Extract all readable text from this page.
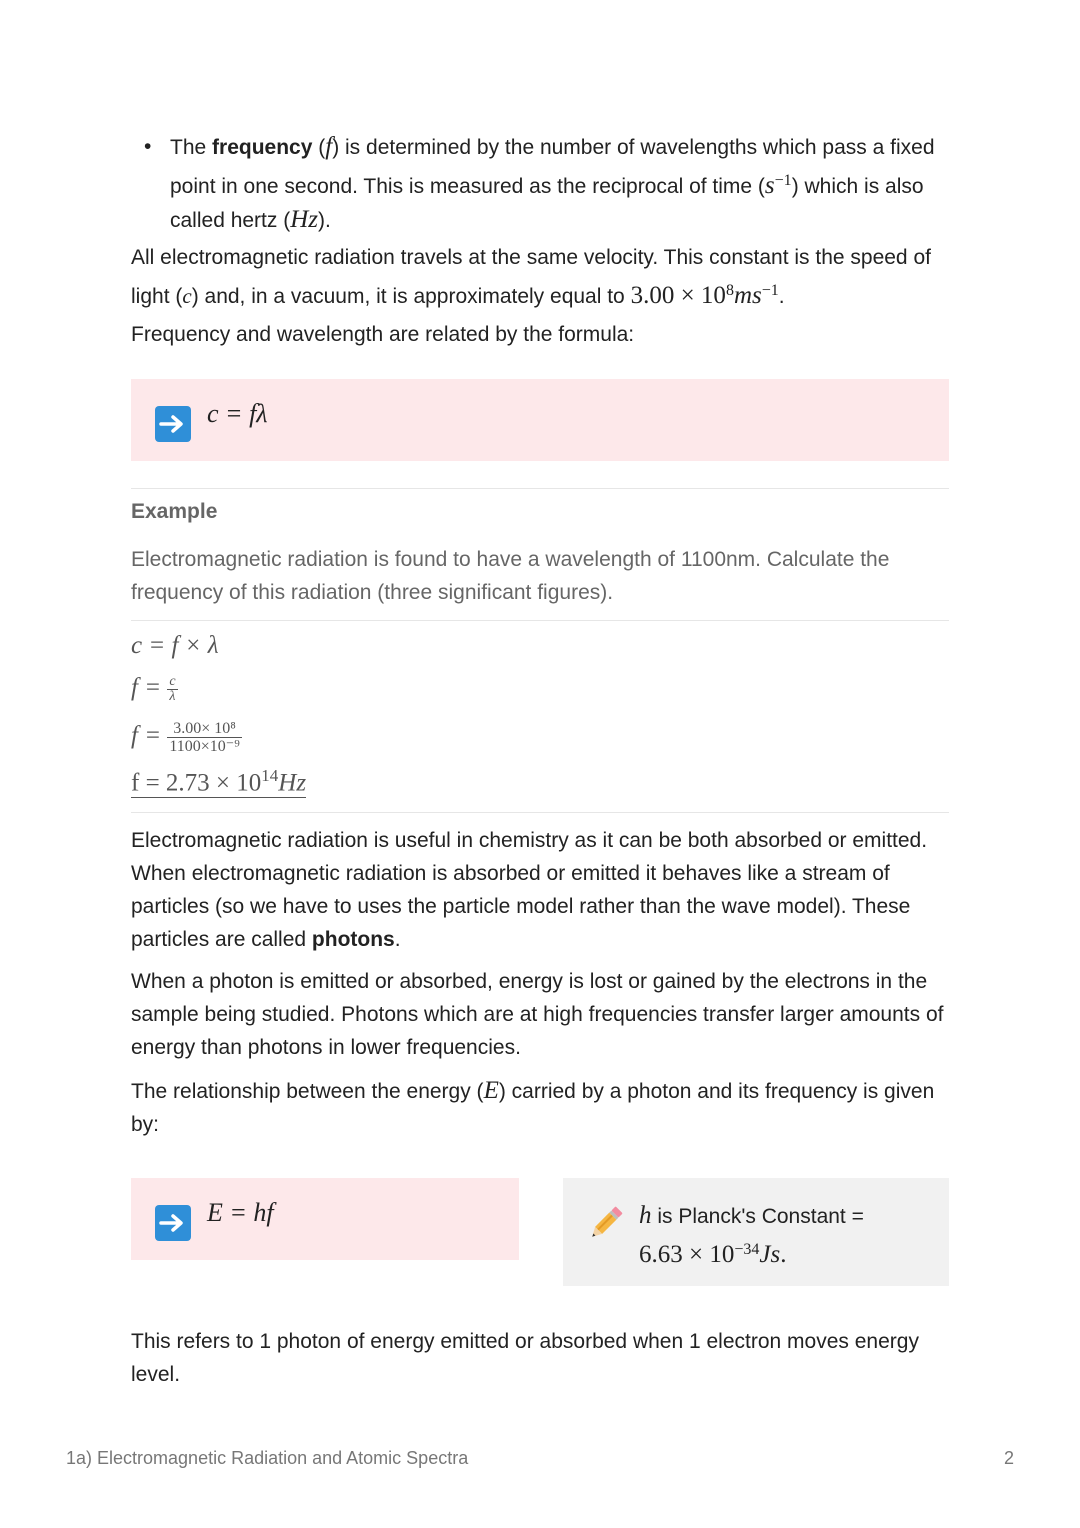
• The frequency (f) is determined by the number of wavelengths which pass a fixed point in one second. This is measured as the reciprocal of time $(s^{-1})$ which is also called hertz (Hz).
All electromagnetic radiation travels at the same velocity. This constant is the speed of light (c) and, in a vacuum, it is approximately equal to $3.00 \times 10^8ms^{-1}$.
Frequency and wavelength are related by the formula:
c = fλ
Example
Electromagnetic radiation is found to have a wavelength of 1100nm. Calculate the frequency of this radiation (three significant figures).
c = f × λ
$f = \frac{c}{\lambda}$
$f = \frac{\text{3.00× 10⁸}}{\text{1100×10⁻⁹}}$
$f = 2.73 \times 10^{14}Hz$
Electromagnetic radiation is useful in chemistry as it can be both absorbed or emitted. When electromagnetic radiation is absorbed or emitted it behaves like a stream of particles (so we have to uses the particle model rather than the wave model). These particles are called photons.
When a photon is emitted or absorbed, energy is lost or gained by the electrons in the sample being studied. Photons which are at high frequencies transfer larger amounts of energy than photons in lower frequencies.
The relationship between the energy (E) carried by a photon and its frequency is given by:
E = hf	h is Planck's Constant =
$6.63 \times 10^{-34}Js$.
This refers to 1 photon of energy emitted or absorbed when 1 electron moves energy level.
1a) Electromagnetic Radiation and Atomic Spectra	2
